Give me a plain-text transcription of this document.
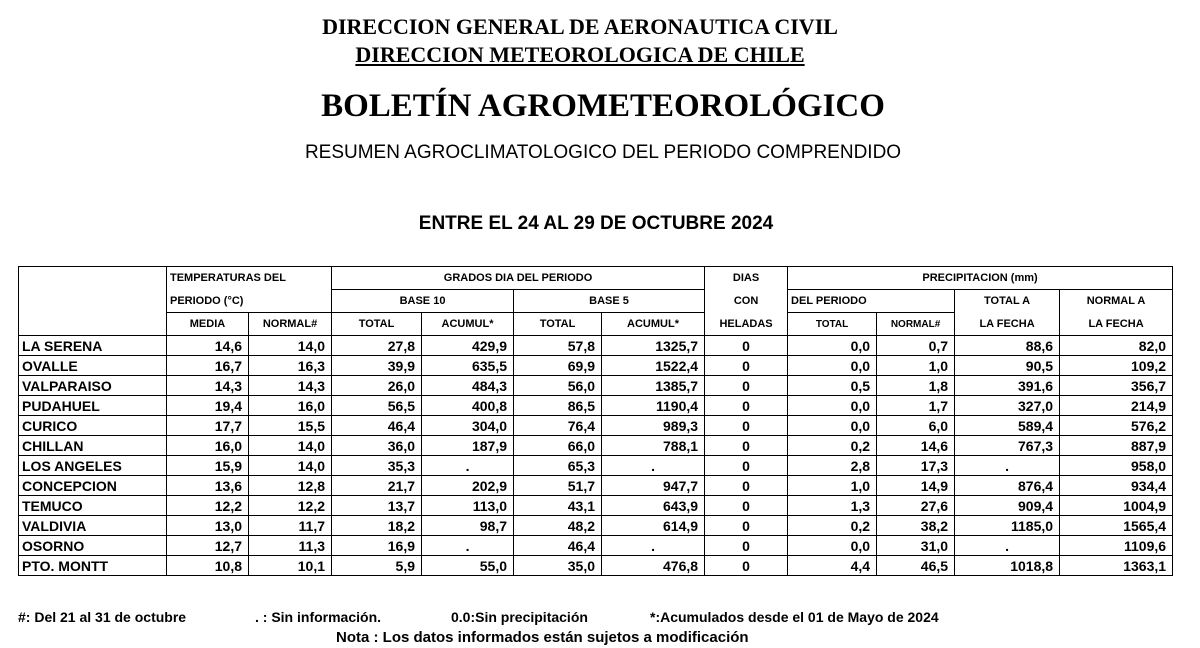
DIRECCION GENERAL DE AERONAUTICA CIVIL
DIRECCION METEOROLOGICA DE CHILE
BOLETÍN AGROMETEOROLÓGICO
RESUMEN AGROCLIMATOLOGICO DEL PERIODO COMPRENDIDO
ENTRE EL 24 AL 29 DE OCTUBRE 2024
	TEMPERATURAS DEL		GRADOS DIA DEL PERIODO				DIAS	PRECIPITACION (mm)			
	PERIODO (°C)		BASE 10		BASE 5		CON	DEL PERIODO		TOTAL A	NORMAL A
	MEDIA	NORMAL#	TOTAL	ACUMUL*	TOTAL	ACUMUL*	HELADAS	TOTAL	NORMAL#	LA FECHA	LA FECHA
LA SERENA	14,6	14,0	27,8	429,9	57,8	1325,7	0	0,0	0,7	88,6	82,0
OVALLE	16,7	16,3	39,9	635,5	69,9	1522,4	0	0,0	1,0	90,5	109,2
VALPARAISO	14,3	14,3	26,0	484,3	56,0	1385,7	0	0,5	1,8	391,6	356,7
PUDAHUEL	19,4	16,0	56,5	400,8	86,5	1190,4	0	0,0	1,7	327,0	214,9
CURICO	17,7	15,5	46,4	304,0	76,4	989,3	0	0,0	6,0	589,4	576,2
CHILLAN	16,0	14,0	36,0	187,9	66,0	788,1	0	0,2	14,6	767,3	887,9
LOS ANGELES	15,9	14,0	35,3	.	65,3	.	0	2,8	17,3	.	958,0
CONCEPCION	13,6	12,8	21,7	202,9	51,7	947,7	0	1,0	14,9	876,4	934,4
TEMUCO	12,2	12,2	13,7	113,0	43,1	643,9	0	1,3	27,6	909,4	1004,9
VALDIVIA	13,0	11,7	18,2	98,7	48,2	614,9	0	0,2	38,2	1185,0	1565,4
OSORNO	12,7	11,3	16,9	.	46,4	.	0	0,0	31,0	.	1109,6
PTO. MONTT	10,8	10,1	5,9	55,0	35,0	476,8	0	4,4	46,5	1018,8	1363,1
#: Del 21 al 31 de octubre	. : Sin información.	0.0:Sin precipitación	*:Acumulados desde el 01 de Mayo de 2024
Nota : Los datos informados están sujetos a modificación
